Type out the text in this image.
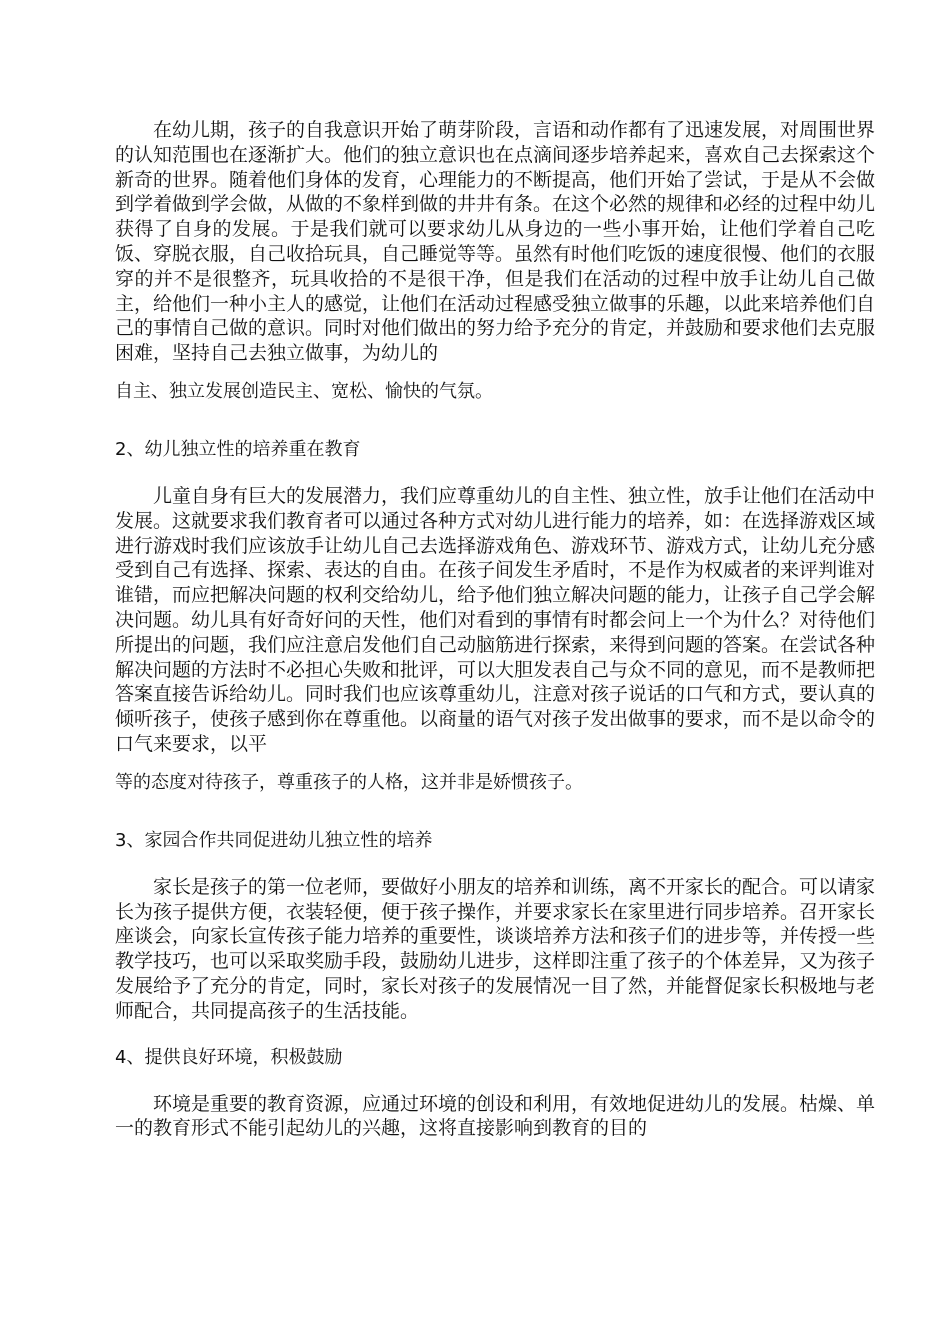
在幼儿期，孩子的自我意识开始了萌芽阶段，言语和动作都有了迅速发展，对周围世界的认知范围也在逐渐扩大。他们的独立意识也在点滴间逐步培养起来，喜欢自己去探索这个新奇的世界。随着他们身体的发育，心理能力的不断提高，他们开始了尝试，于是从不会做到学着做到学会做，从做的不象样到做的井井有条。在这个必然的规律和必经的过程中幼儿获得了自身的发展。于是我们就可以要求幼儿从身边的一些小事开始，让他们学着自己吃饭、穿脱衣服，自己收拾玩具，自己睡觉等等。虽然有时他们吃饭的速度很慢、他们的衣服穿的并不是很整齐，玩具收拾的不是很干净，但是我们在活动的过程中放手让幼儿自己做主，给他们一种小主人的感觉，让他们在活动过程感受独立做事的乐趣，以此来培养他们自己的事情自己做的意识。同时对他们做出的努力给予充分的肯定，并鼓励和要求他们去克服困难，坚持自己去独立做事，为幼儿的

自主、独立发展创造民主、宽松、愉快的气氛。

2、幼儿独立性的培养重在教育

儿童自身有巨大的发展潜力，我们应尊重幼儿的自主性、独立性，放手让他们在活动中发展。这就要求我们教育者可以通过各种方式对幼儿进行能力的培养，如：在选择游戏区域进行游戏时我们应该放手让幼儿自己去选择游戏角色、游戏环节、游戏方式，让幼儿充分感受到自己有选择、探索、表达的自由。在孩子间发生矛盾时，不是作为权威者的来评判谁对谁错，而应把解决问题的权利交给幼儿，给予他们独立解决问题的能力，让孩子自己学会解决问题。幼儿具有好奇好问的天性，他们对看到的事情有时都会问上一个为什么？对待他们所提出的问题，我们应注意启发他们自己动脑筋进行探索，来得到问题的答案。在尝试各种解决问题的方法时不必担心失败和批评，可以大胆发表自己与众不同的意见，而不是教师把答案直接告诉给幼儿。同时我们也应该尊重幼儿，注意对孩子说话的口气和方式，要认真的倾听孩子，使孩子感到你在尊重他。以商量的语气对孩子发出做事的要求，而不是以命令的口气来要求，以平

等的态度对待孩子，尊重孩子的人格，这并非是娇惯孩子。

3、家园合作共同促进幼儿独立性的培养

家长是孩子的第一位老师，要做好小朋友的培养和训练，离不开家长的配合。可以请家长为孩子提供方便，衣装轻便，便于孩子操作，并要求家长在家里进行同步培养。召开家长座谈会，向家长宣传孩子能力培养的重要性，谈谈培养方法和孩子们的进步等，并传授一些教学技巧，也可以采取奖励手段，鼓励幼儿进步，这样即注重了孩子的个体差异，又为孩子发展给予了充分的肯定，同时，家长对孩子的发展情况一目了然，并能督促家长积极地与老师配合，共同提高孩子的生活技能。

4、提供良好环境，积极鼓励

环境是重要的教育资源，应通过环境的创设和利用，有效地促进幼儿的发展。枯燥、单一的教育形式不能引起幼儿的兴趣，这将直接影响到教育的目的
